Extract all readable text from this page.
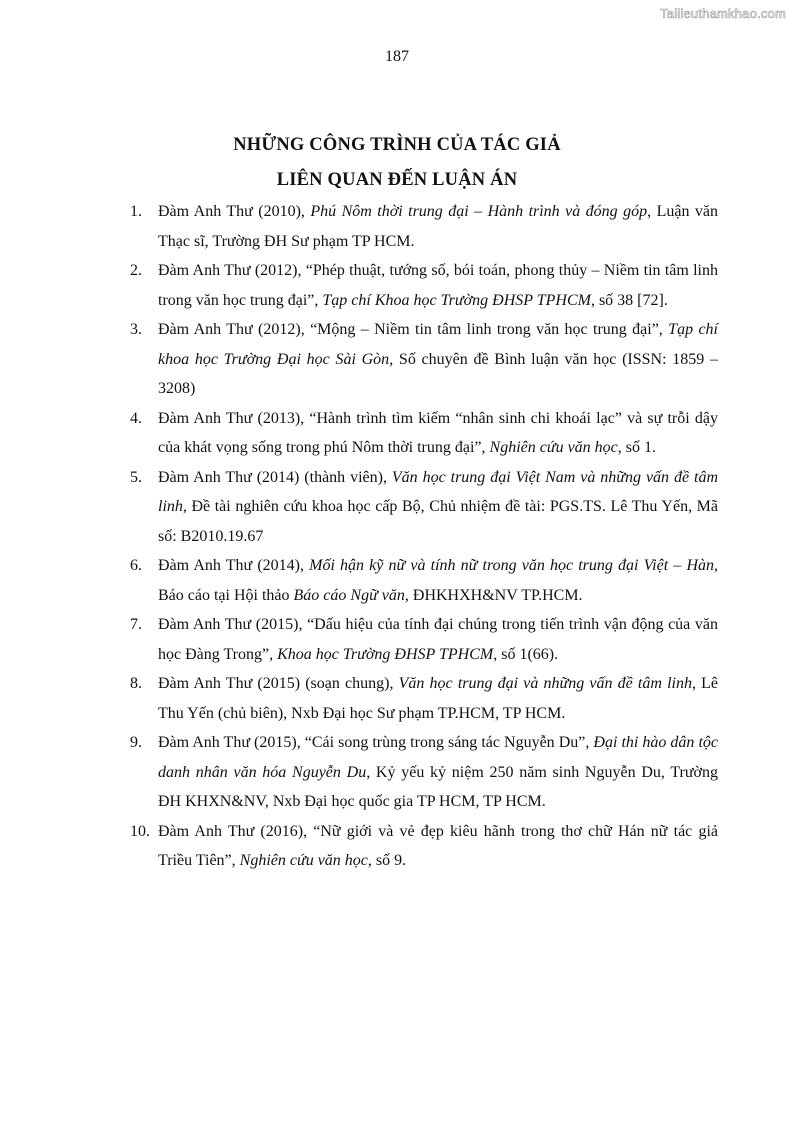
Tailieuthamkhao.com
187
NHỮNG CÔNG TRÌNH CỦA TÁC GIẢ
LIÊN QUAN ĐẾN LUẬN ÁN
1. Đàm Anh Thư (2010), Phú Nôm thời trung đại – Hành trình và đóng góp, Luận văn Thạc sĩ, Trường ĐH Sư phạm TP HCM.
2. Đàm Anh Thư (2012), “Phép thuật, tướng số, bói toán, phong thủy – Niềm tin tâm linh trong văn học trung đại”, Tạp chí Khoa học Trường ĐHSP TPHCM, số 38 [72].
3. Đàm Anh Thư (2012), “Mộng – Niềm tin tâm linh trong văn học trung đại”, Tạp chí khoa học Trường Đại học Sài Gòn, Số chuyên đề Bình luận văn học (ISSN: 1859 – 3208)
4. Đàm Anh Thư (2013), “Hành trình tìm kiếm “nhân sinh chi khoái lạc” và sự trỗi dậy của khát vọng sống trong phú Nôm thời trung đại”, Nghiên cứu văn học, số 1.
5. Đàm Anh Thư (2014) (thành viên), Văn học trung đại Việt Nam và những vấn đề tâm linh, Đề tài nghiên cứu khoa học cấp Bộ, Chủ nhiệm đề tài: PGS.TS. Lê Thu Yến, Mã số: B2010.19.67
6. Đàm Anh Thư (2014), Mối hận kỹ nữ và tính nữ trong văn học trung đại Việt – Hàn, Báo cáo tại Hội thảo Báo cáo Ngữ văn, ĐHKHXH&NV TP.HCM.
7. Đàm Anh Thư (2015), “Dấu hiệu của tính đại chúng trong tiến trình vận động của văn học Đàng Trong”, Khoa học Trường ĐHSP TPHCM, số 1(66).
8. Đàm Anh Thư (2015) (soạn chung), Văn học trung đại và những vấn đề tâm linh, Lê Thu Yến (chủ biên), Nxb Đại học Sư phạm TP.HCM, TP HCM.
9. Đàm Anh Thư (2015), “Cái song trùng trong sáng tác Nguyễn Du”, Đại thi hào dân tộc danh nhân văn hóa Nguyễn Du, Kỷ yếu kỷ niệm 250 năm sinh Nguyễn Du, Trường ĐH KHXN&NV, Nxb Đại học quốc gia TP HCM, TP HCM.
10. Đàm Anh Thư (2016), “Nữ giới và vẻ đẹp kiêu hãnh trong thơ chữ Hán nữ tác giả Triều Tiên”, Nghiên cứu văn học, số 9.
